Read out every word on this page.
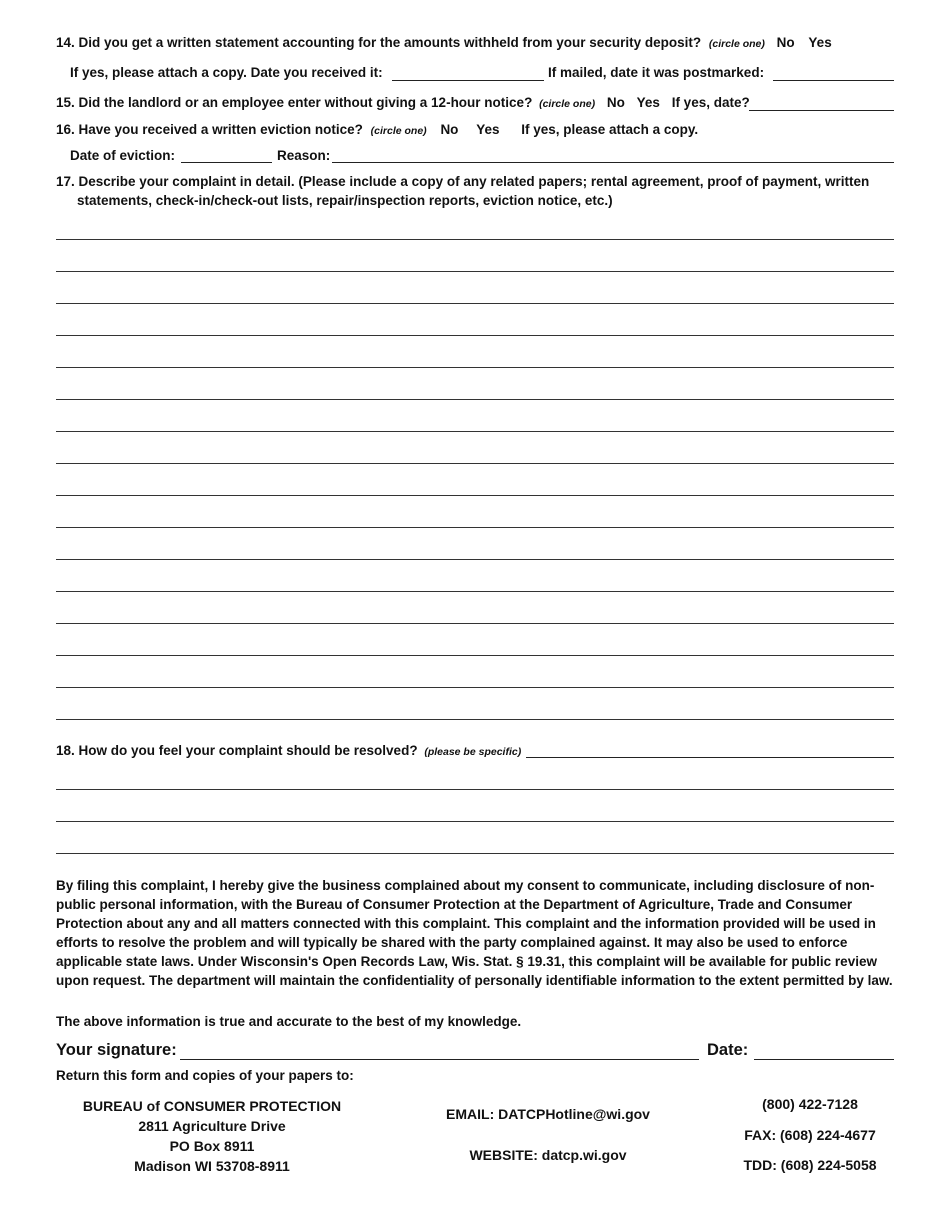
14. Did you get a written statement accounting for the amounts withheld from your security deposit? (circle one) No Yes
If yes, please attach a copy. Date you received it:	If mailed, date it was postmarked:
15. Did the landlord or an employee enter without giving a 12-hour notice? (circle one) No Yes If yes, date?
16. Have you received a written eviction notice? (circle one) No Yes If yes, please attach a copy.
Date of eviction:	Reason:
17. Describe your complaint in detail. (Please include a copy of any related papers; rental agreement, proof of payment, written
statements, check-in/check-out lists, repair/inspection reports, eviction notice, etc.)
18. How do you feel your complaint should be resolved? (please be specific)
By filing this complaint, I hereby give the business complained about my consent to communicate, including disclosure of non-public personal information, with the Bureau of Consumer Protection at the Department of Agriculture, Trade and Consumer Protection about any and all matters connected with this complaint. This complaint and the information provided will be used in efforts to resolve the problem and will typically be shared with the party complained against. It may also be used to enforce applicable state laws. Under Wisconsin's Open Records Law, Wis. Stat. § 19.31, this complaint will be available for public review upon request. The department will maintain the confidentiality of personally identifiable information to the extent permitted by law.
The above information is true and accurate to the best of my knowledge.
Your signature:	Date:
Return this form and copies of your papers to:
BUREAU of CONSUMER PROTECTION
2811 Agriculture Drive
PO Box 8911
Madison WI 53708-8911
EMAIL: DATCPHotline@wi.gov
WEBSITE: datcp.wi.gov
(800) 422-7128
FAX: (608) 224-4677
TDD: (608) 224-5058
